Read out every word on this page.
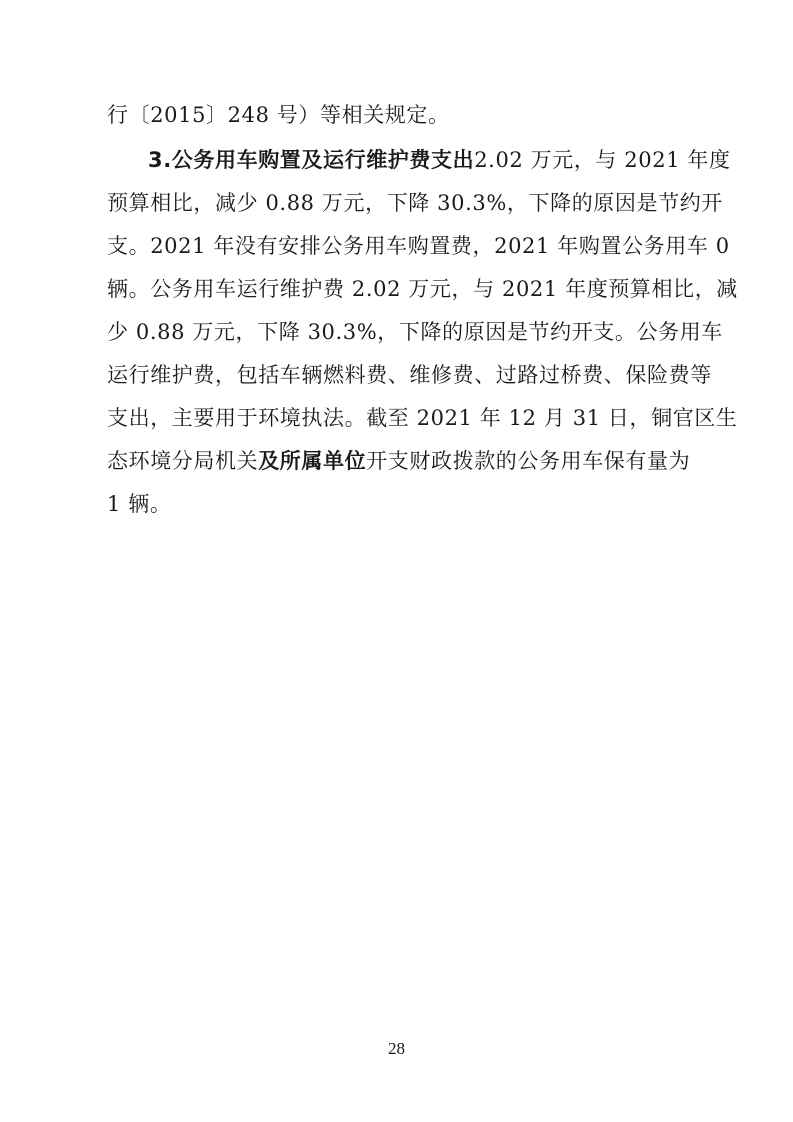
行〔2015〕248 号）等相关规定。
3.公务用车购置及运行维护费支出2.02 万元，与 2021 年度
预算相比，减少 0.88 万元，下降 30.3%，下降的原因是节约开
支。2021 年没有安排公务用车购置费，2021 年购置公务用车 0
辆。公务用车运行维护费 2.02 万元，与 2021 年度预算相比，减
少 0.88 万元，下降 30.3%，下降的原因是节约开支。公务用车
运行维护费，包括车辆燃料费、维修费、过路过桥费、保险费等
支出，主要用于环境执法。截至 2021 年 12 月 31 日，铜官区生
态环境分局机关及所属单位开支财政拨款的公务用车保有量为
1 辆。
28
